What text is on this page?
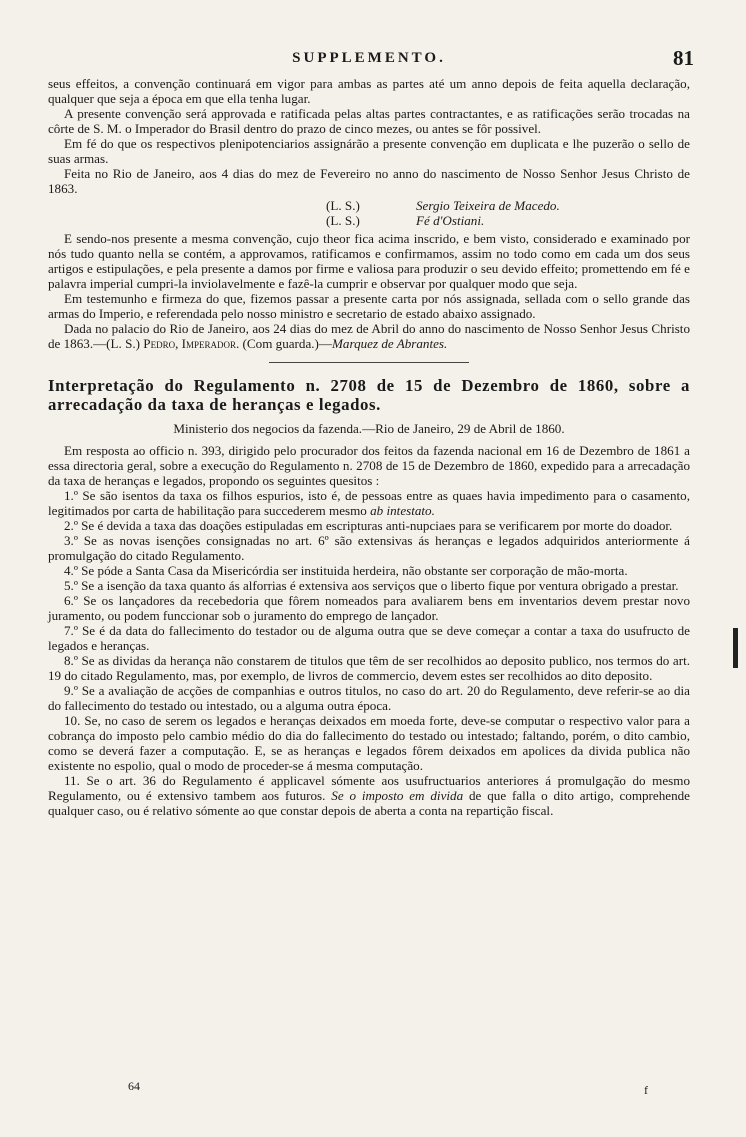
SUPPLEMENTO.	81

seus effeitos, a convenção continuará em vigor para ambas as partes até um anno depois de feita aquella declaração, qualquer que seja a época em que ella tenha lugar.

A presente convenção será approvada e ratificada pelas altas partes contractantes, e as ratificações serão trocadas na côrte de S. M. o Imperador do Brasil dentro do prazo de cinco mezes, ou antes se fôr possivel.

Em fé do que os respectivos plenipotenciarios assignárão a presente convenção em duplicata e lhe puzerão o sello de suas armas.

Feita no Rio de Janeiro, aos 4 dias do mez de Fevereiro no anno do nascimento de Nosso Senhor Jesus Christo de 1863.

(L. S.)	Sergio Teixeira de Macedo.
(L. S.)	Fé d'Ostiani.

E sendo-nos presente a mesma convenção, cujo theor fica acima inscrido, e bem visto, considerado e examinado por nós tudo quanto nella se contém, a approvamos, ratificamos e confirmamos, assim no todo como em cada um dos seus artigos e estipulações, e pela presente a damos por firme e valiosa para produzir o seu devido effeito; promettendo em fé e palavra imperial cumpri-la inviolavelmente e fazê-la cumprir e observar por qualquer modo que seja.

Em testemunho e firmeza do que, fizemos passar a presente carta por nós assignada, sellada com o sello grande das armas do Imperio, e referendada pelo nosso ministro e secretario de estado abaixo assignado.

Dada no palacio do Rio de Janeiro, aos 24 dias do mez de Abril do anno do nascimento de Nosso Senhor Jesus Christo de 1863.—(L. S.) Pedro, Imperador. (Com guarda.)—Marquez de Abrantes.

Interpretação do Regulamento n. 2708 de 15 de Dezembro de 1860, sobre a arrecadação da taxa de heranças e legados.
Ministerio dos negocios da fazenda.—Rio de Janeiro, 29 de Abril de 1860.

Em resposta ao officio n. 393, dirigido pelo procurador dos feitos da fazenda nacional em 16 de Dezembro de 1861 a essa directoria geral, sobre a execução do Regulamento n. 2708 de 15 de Dezembro de 1860, expedido para a arrecadação da taxa de heranças e legados, propondo os seguintes quesitos :

1.º Se são isentos da taxa os filhos espurios, isto é, de pessoas entre as quaes havia impedimento para o casamento, legitimados por carta de habilitação para succederem mesmo ab intestato.

2.º Se é devida a taxa das doações estipuladas em escripturas anti-nupciaes para se verificarem por morte do doador.

3.º Se as novas isenções consignadas no art. 6º são extensivas ás heranças e legados adquiridos anteriormente á promulgação do citado Regulamento.

4.º Se póde a Santa Casa da Misericórdia ser instituida herdeira, não obstante ser corporação de mão-morta.

5.º Se a isenção da taxa quanto ás alforrias é extensiva aos serviços que o liberto fique por ventura obrigado a prestar.

6.º Se os lançadores da recebedoria que fôrem nomeados para avaliarem bens em inventarios devem prestar novo juramento, ou podem funccionar sob o juramento do emprego de lançador.

7.º Se é da data do fallecimento do testador ou de alguma outra que se deve começar a contar a taxa do usufructo de legados e heranças.

8.º Se as dividas da herança não constarem de titulos que têm de ser recolhidos ao deposito publico, nos termos do art. 19 do citado Regulamento, mas, por exemplo, de livros de commercio, devem estes ser recolhidos ao dito deposito.

9.º Se a avaliação de acções de companhias e outros titulos, no caso do art. 20 do Regulamento, deve referir-se ao dia do fallecimento do testado ou intestado, ou a alguma outra época.

10. Se, no caso de serem os legados e heranças deixados em moeda forte, deve-se computar o respectivo valor para a cobrança do imposto pelo cambio médio do dia do fallecimento do testado ou intestado; faltando, porém, o dito cambio, como se deverá fazer a computação. E, se as heranças e legados fôrem deixados em apolices da divida publica não existente no espolio, qual o modo de proceder-se á mesma computação.

11. Se o art. 36 do Regulamento é applicavel sómente aos usufructuarios anteriores á promulgação do mesmo Regulamento, ou é extensivo tambem aos futuros. Se o imposto em divida de que falla o dito artigo, comprehende qualquer caso, ou é relativo sómente ao que constar depois de aberta a conta na repartição fiscal.

64	f
